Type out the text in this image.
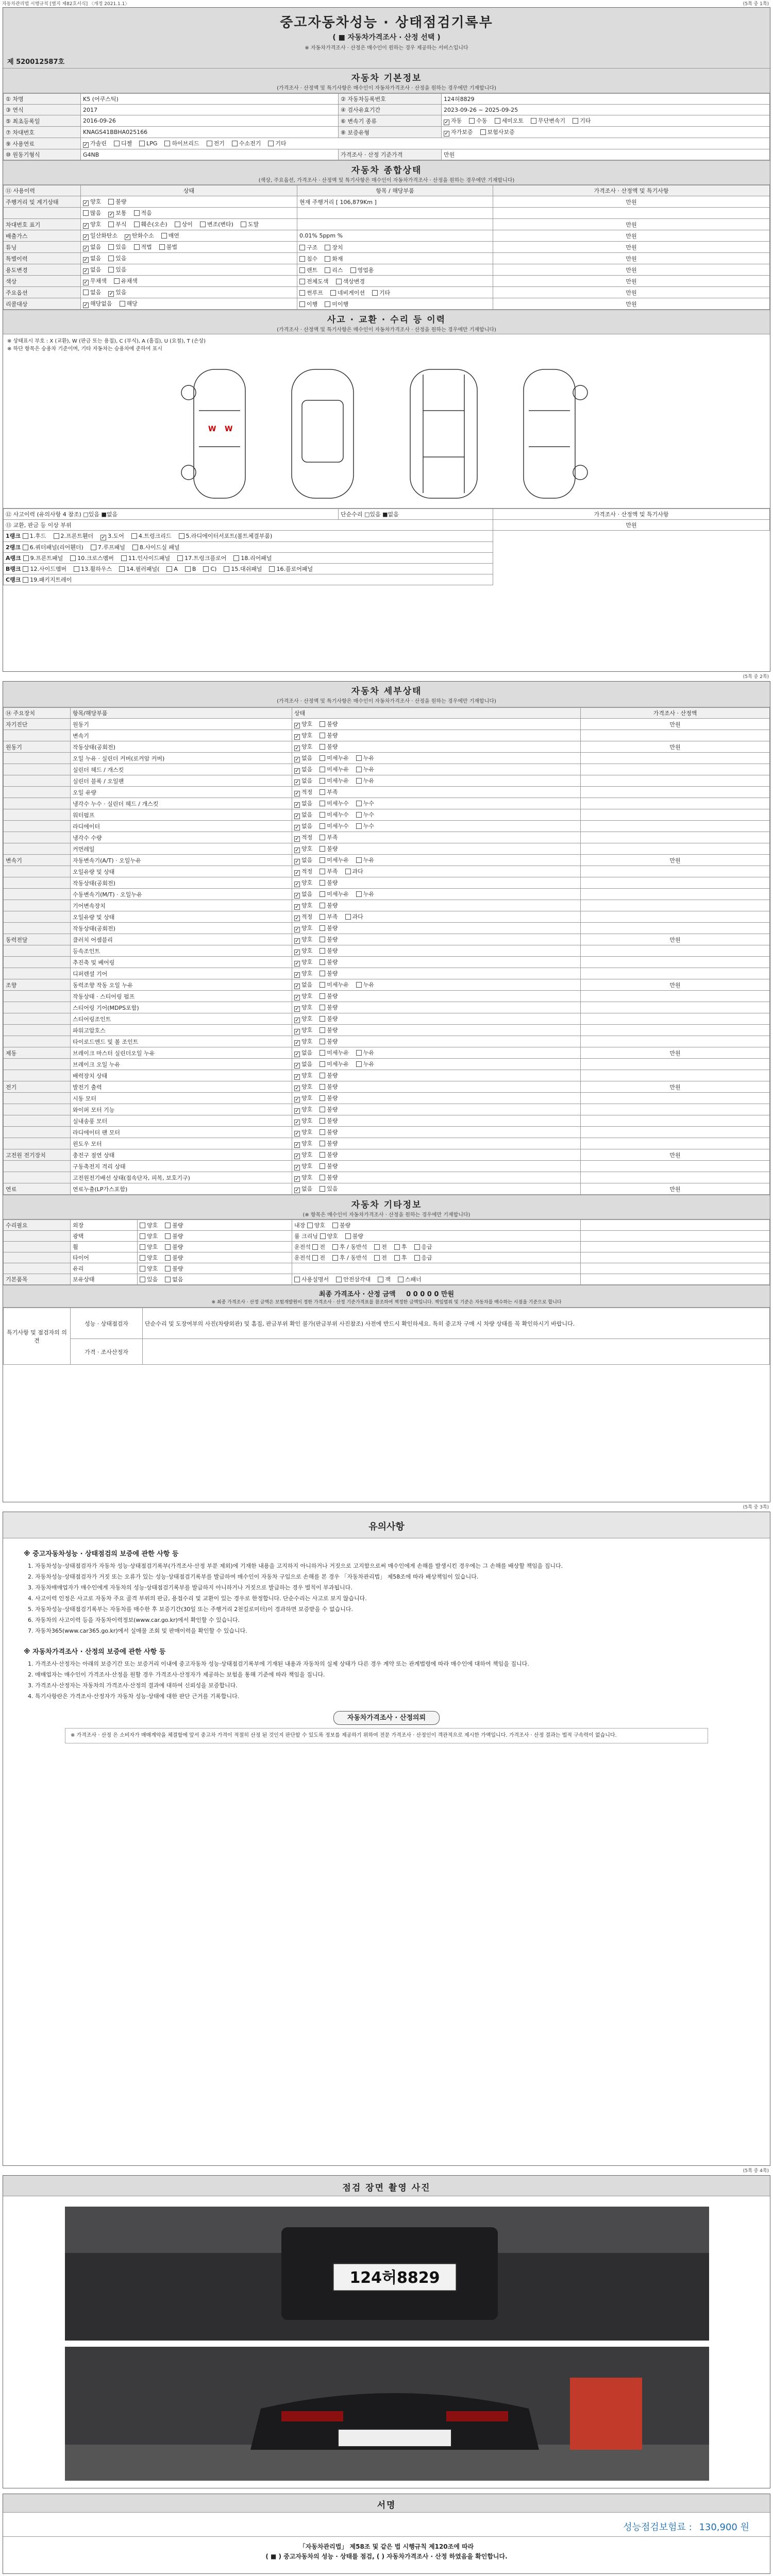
자동차관리법 시행규칙 [별지 제82호서식] 〈개정 2021.1.1〉	(5쪽 중 1쪽)
중고자동차성능 · 상태점검기록부
( ■ 자동차가격조사 · 산정 선택 )
※ 자동차가격조사 · 산정은 매수인이 원하는 경우 제공하는 서비스입니다
제 520012587호
자동차 기본정보
(가격조사 · 산정액 및 특기사항은 매수인이 자동차가격조사 · 산정을 원하는 경우에만 기재합니다)
① 차명	K5 (어쿠스틱)	② 자동차등록번호	124허8829
③ 연식	2017	④ 검사유효기간	2023-09-26 ~ 2025-09-25
⑤ 최초등록일	2016-09-26	⑥ 변속기 종류	✓자동 수동 세미오토 무단변속기 기타
⑦ 차대번호	KNAGS41BBHA025166	⑧ 보증유형	✓자가보증 보험사보증
⑨ 사용연료	✓가솔린 디젤 LPG 하이브리드 전기 수소전기 기타
⑩ 원동기형식	G4NB	가격조사 · 산정 기준가격	만원
자동차 종합상태
(색상, 주요옵션, 가격조사 · 산정액 및 특기사항은 매수인이 자동차가격조사 · 산정을 원하는 경우에만 기재합니다)
⑪ 사용이력	상태	항목 / 해당부품	가격조사 · 산정액 및 특기사항
주행거리 및 계기상태	✓양호 불량	현재 주행거리 [ 106,879Km ]	만원
	많음 ✓ 보통 적음		
차대번호 표기	✓양호 부식 훼손(오손) 상이 변조(변타) 도말		만원
배출가스	✓일산화탄소 ✓ 탄화수소 매연	0.01% 5ppm %	만원
튜닝	✓없음 있음 적법 불법	구조 장치	만원
특별이력	✓없음 있음	침수 화재	만원
용도변경	✓없음 있음	렌트 리스 영업용	만원
색상	✓무채색 유채색	전체도색 색상변경	만원
주요옵션	없음 ✓ 있음	썬루프 네비게이션 기타	만원
리콜대상	✓해당없음 해당	이행 미이행	만원
사고 · 교환 · 수리 등 이력
(가격조사 · 산정액 및 특기사항은 매수인이 자동차가격조사 · 산정을 원하는 경우에만 기재합니다)
※ 상태표시 부호 : X (교환), W (판금 또는 용접), C (부식), A (흠집), U (요철), T (손상)
※ 하단 항목은 승용차 기준이며, 기타 자동차는 승용차에 준하여 표시
W W
⑫ 사고이력 (유의사항 4 참조) □있음 ■없음	단순수리 □있음 ■없음	가격조사 · 산정액 및 특기사항
⑬ 교환, 판금 등 이상 부위		만원
1랭크 1.후드 2.프론트휀더 ✓ 3.도어 4.트렁크리드 5.라디에이터서포트(볼트체결부품)
2랭크 6.쿼터패널(리어휀더) 7.루프패널 8.사이드실 패널		
A랭크 9.프론트패널 10.크로스멤버 11.인사이드패널 17.트렁크플로어 18.리어패널		
B랭크 12.사이드멤버 13.휠하우스 14.필러패널( A B C) 15.대쉬패널 16.플로어패널		
C랭크 19.패키지트레이		
(5쪽 중 2쪽)
자동차 세부상태
(가격조사 · 산정액 및 특기사항은 매수인이 자동차가격조사 · 산정을 원하는 경우에만 기재합니다)
⑭ 주요장치	항목/해당부품	상태	가격조사 · 산정액
자기진단	원동기	✓양호 불량	만원
	변속기	✓양호 불량	
원동기	작동상태(공회전)	✓양호 불량	만원
	오일 누유 · 실린더 커버(로커암 커버)	✓없음 미세누유 누유	
	실린더 헤드 / 개스킷	✓없음 미세누유 누유	
	실린더 블록 / 오일팬	✓없음 미세누유 누유	
	오일 유량	✓적정 부족	
	냉각수 누수 · 실린더 헤드 / 개스킷	✓없음 미세누수 누수	
	워터펌프	✓없음 미세누수 누수	
	라디에이터	✓없음 미세누수 누수	
	냉각수 수량	✓적정 부족	
	커먼레일	✓양호 불량	
변속기	자동변속기(A/T) · 오일누유	✓없음 미세누유 누유	만원
	오일유량 및 상태	✓적정 부족 과다	
	작동상태(공회전)	✓양호 불량	
	수동변속기(M/T) · 오일누유	✓없음 미세누유 누유	
	기어변속장치	✓양호 불량	
	오일유량 및 상태	✓적정 부족 과다	
	작동상태(공회전)	✓양호 불량	
동력전달	클러치 어셈블리	✓양호 불량	만원
	등속조인트	✓양호 불량	
	추진축 및 베어링	✓양호 불량	
	디퍼렌셜 기어	✓양호 불량	
조향	동력조향 작동 오일 누유	✓없음 미세누유 누유	만원
	작동상태 · 스티어링 펌프	✓양호 불량	
	스티어링 기어(MDPS포함)	✓양호 불량	
	스티어링조인트	✓양호 불량	
	파워고압호스	✓양호 불량	
	타이로드엔드 및 볼 조인트	✓양호 불량	
제동	브레이크 마스터 실린더오일 누유	✓없음 미세누유 누유	만원
	브레이크 오일 누유	✓없음 미세누유 누유	
	배력장치 상태	✓양호 불량	
전기	발전기 출력	✓양호 불량	만원
	시동 모터	✓양호 불량	
	와이퍼 모터 기능	✓양호 불량	
	실내송풍 모터	✓양호 불량	
	라디에이터 팬 모터	✓양호 불량	
	윈도우 모터	✓양호 불량	
고전원 전기장치	충전구 절연 상태	✓양호 불량	만원
	구동축전지 격리 상태	✓양호 불량	
	고전원전기배선 상태(접속단자, 피복, 보호기구)	✓양호 불량	
연료	연료누출(LP가스포함)	✓없음 있음	만원
자동차 기타정보
(※ 항목은 매수인이 자동차가격조사 · 산정을 원하는 경우에만 기재합니다)
수리필요	외장	양호 불량	내장 양호 불량	
	광택	양호 불량	룸 크리닝 양호 불량	
	휠	양호 불량	운전석 전 후 / 동반석 전 후 응급	
	타이어	양호 불량	운전석 전 후 / 동반석 전 후 응급	
	유리	양호 불량		
기본품목	보유상태	있음 없음	사용설명서 안전삼각대 잭 스패너	
최종 가격조사 · 산정 금액 0 0 0 0 0 만원
※ 최종 가격조사 · 산정 금액은 보험개발원이 정한 가격조사 · 산정 기준가격표를 참조하여 책정한 금액입니다. 책임범위 및 기준은 자동차를 매수하는 시점을 기준으로 합니다
특기사항 및 점검자의 의견	성능 · 상태점검자	단순수리 및 도장여부의 사진(차량외관) 및 흠집, 판금부위 확인 불가(판금부위 사진참조) 사전에 반드시 확인하세요. 특히 중고차 구매 시 차량 상태를 꼭 확인하시기 바랍니다.
	가격 · 조사산정자	
(5쪽 중 3쪽)
유의사항
※ 중고자동차성능 · 상태점검의 보증에 관한 사항 등

1. 자동차성능·상태점검자가 자동차 성능·상태점검기록부(가격조사·산정 부분 제외)에 기재한 내용을 고지하지 아니하거나 거짓으로 고지함으로써 매수인에게 손해를 발생시킨 경우에는 그 손해를 배상할 책임을 집니다.

2. 자동차성능·상태점검자가 거짓 또는 오류가 있는 성능·상태점검기록부를 발급하여 매수인이 자동차 구입으로 손해를 본 경우 「자동차관리법」 제58조에 따라 배상책임이 있습니다.

3. 자동차매매업자가 매수인에게 자동차의 성능·상태점검기록부를 발급하지 아니하거나 거짓으로 발급하는 경우 벌칙이 부과됩니다.

4. 사고이력 인정은 사고로 자동차 주요 골격 부위의 판금, 용접수리 및 교환이 있는 경우로 한정합니다. 단순수리는 사고로 보지 않습니다.

5. 자동차성능·상태점검기록부는 자동차를 매수한 후 보증기간(30일 또는 주행거리 2천킬로미터)이 경과하면 보증받을 수 없습니다.

6. 자동차의 사고이력 등을 자동차이력정보(www.car.go.kr)에서 확인할 수 있습니다.

7. 자동차365(www.car365.go.kr)에서 실매물 조회 및 판매이력을 확인할 수 있습니다.

※ 자동차가격조사 · 산정의 보증에 관한 사항 등

1. 가격조사·산정자는 아래의 보증기간 또는 보증거리 이내에 중고자동차 성능·상태점검기록부에 기재된 내용과 자동차의 실제 상태가 다른 경우 계약 또는 관계법령에 따라 매수인에 대하여 책임을 집니다.

2. 매매업자는 매수인이 가격조사·산정을 원할 경우 가격조사·산정자가 제공하는 보험을 통해 기준에 따라 책임을 집니다.

3. 가격조사·산정자는 자동차의 가격조사·산정의 결과에 대하여 신뢰성을 보증합니다.

4. 특기사항란은 가격조사·산정자가 자동차 성능·상태에 대한 판단 근거를 기록합니다.

자동차가격조사 · 산정의뢰
※ 가격조사 · 산정 은 소비자가 매매계약을 체결함에 앞서 중고차 가격이 적절히 산정 된 것인지 판단할 수 있도록 정보를 제공하기 위하여 전문 가격조사 · 산정인이 객관적으로 제시한 가액입니다. 가격조사 · 산정 결과는 법적 구속력이 없습니다.
(5쪽 중 4쪽)
점검 장면 촬영 사진
124허8829
서명
성능점검보험료 : 130,900 원
「자동차관리법」 제58조 및 같은 법 시행규칙 제120조에 따라
( ■ ) 중고자동차의 성능 · 상태를 점검, ( ) 자동차가격조사 · 산정 하였음을 확인합니다.
